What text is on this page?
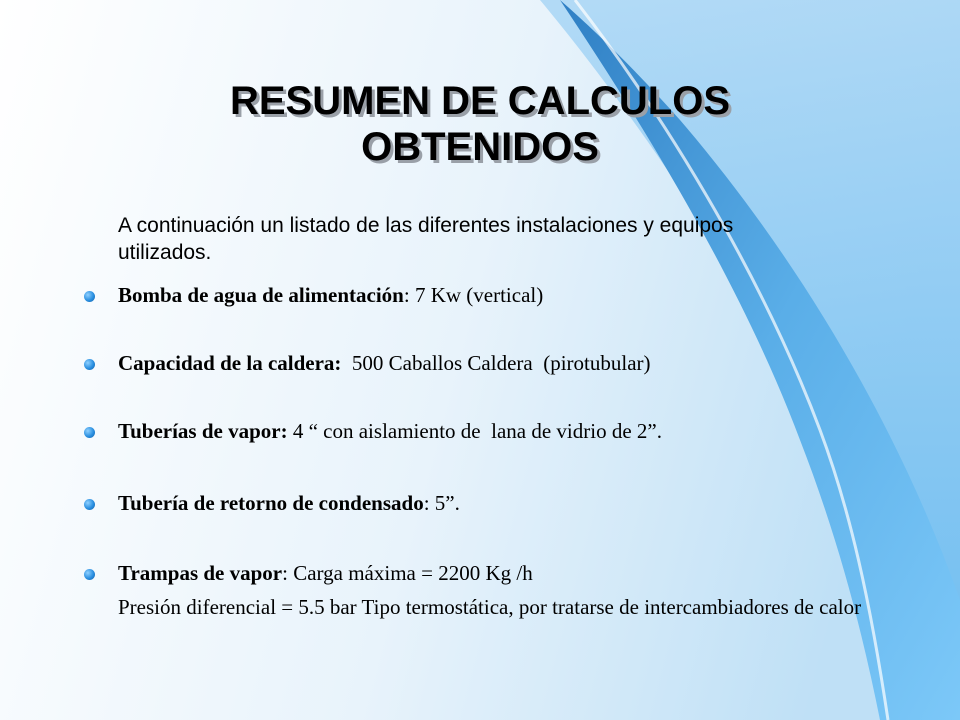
RESUMEN DE CALCULOS OBTENIDOS
A continuación un listado de las diferentes instalaciones y equipos utilizados.
Bomba de agua de alimentación: 7 Kw (vertical)
Capacidad de la caldera:  500 Caballos Caldera  (pirotubular)
Tuberías de vapor: 4 “ con aislamiento de  lana de vidrio de 2”.
Tubería de retorno de condensado: 5”.
Trampas de vapor: Carga máxima = 2200 Kg /h
Presión diferencial = 5.5 bar Tipo termostática, por tratarse de intercambiadores de calor
